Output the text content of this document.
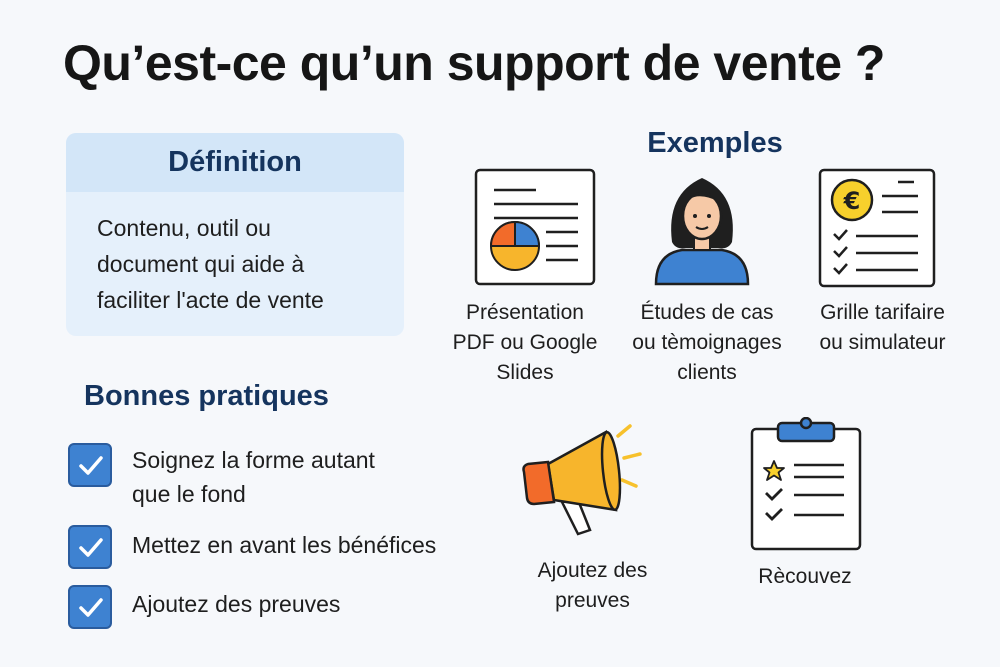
Qu’est-ce qu’un support de vente ?
Définition
Contenu, outil ou
document qui aide à
faciliter l'acte de vente
Exemples
Présentation
PDF ou Google
Slides
Études de cas
ou tèmoignages
clients
€
Grille tarifaire
ou simulateur
Bonnes pratiques
Soignez la forme autant
que le fond
Mettez en avant les bénéfices
Ajoutez des preuves
Ajoutez des
preuves
Rècouvez
